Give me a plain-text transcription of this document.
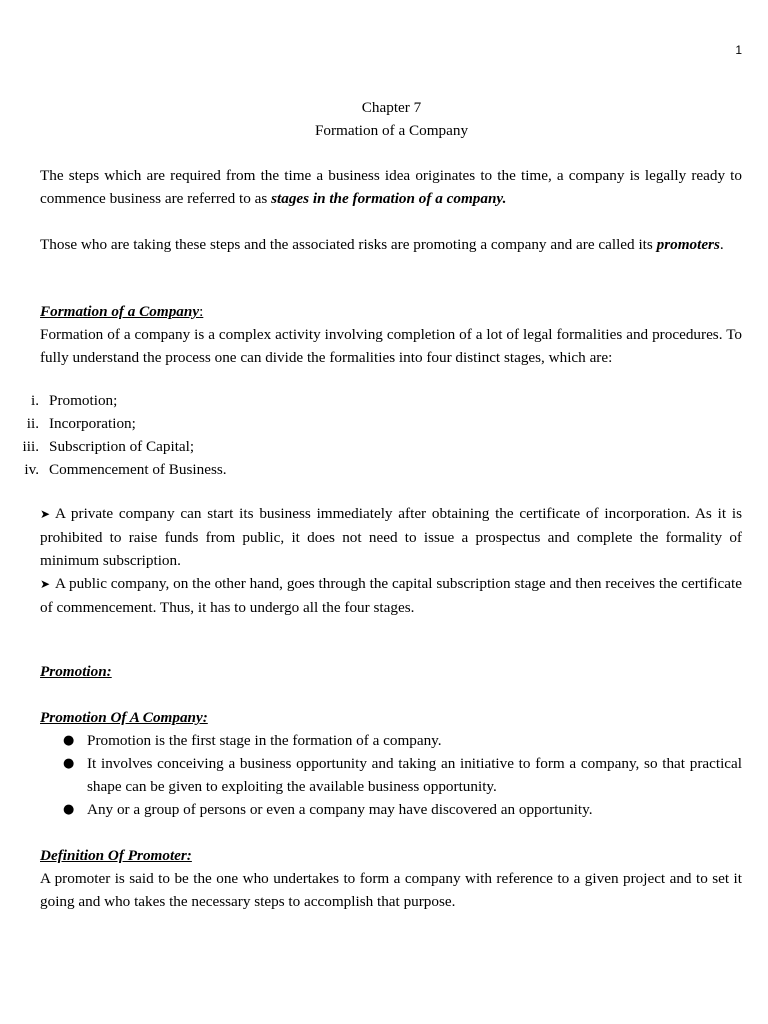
1
Chapter 7
Formation of a Company

The steps which are required from the time a business idea originates to the time, a company is legally ready to commence business are referred to as stages in the formation of a company.

Those who are taking these steps and the associated risks are promoting a company and are called its promoters.

Formation of a Company:

Formation of a company is a complex activity involving completion of a lot of legal formalities and procedures. To fully understand the process one can divide the formalities into four distinct stages, which are:

i. Promotion;
ii. Incorporation;
iii. Subscription of Capital;
iv. Commencement of Business.
➤ A private company can start its business immediately after obtaining the certificate of incorporation. As it is prohibited to raise funds from public, it does not need to issue a prospectus and complete the formality of minimum subscription.
➤ A public company, on the other hand, goes through the capital subscription stage and then receives the certificate of commencement. Thus, it has to undergo all the four stages.
Promotion:
Promotion Of A Company:
● Promotion is the first stage in the formation of a company.
● It involves conceiving a business opportunity and taking an initiative to form a company, so that practical shape can be given to exploiting the available business opportunity.
● Any or a group of persons or even a company may have discovered an opportunity.
Definition Of Promoter:

A promoter is said to be the one who undertakes to form a company with reference to a given project and to set it going and who takes the necessary steps to accomplish that purpose.
